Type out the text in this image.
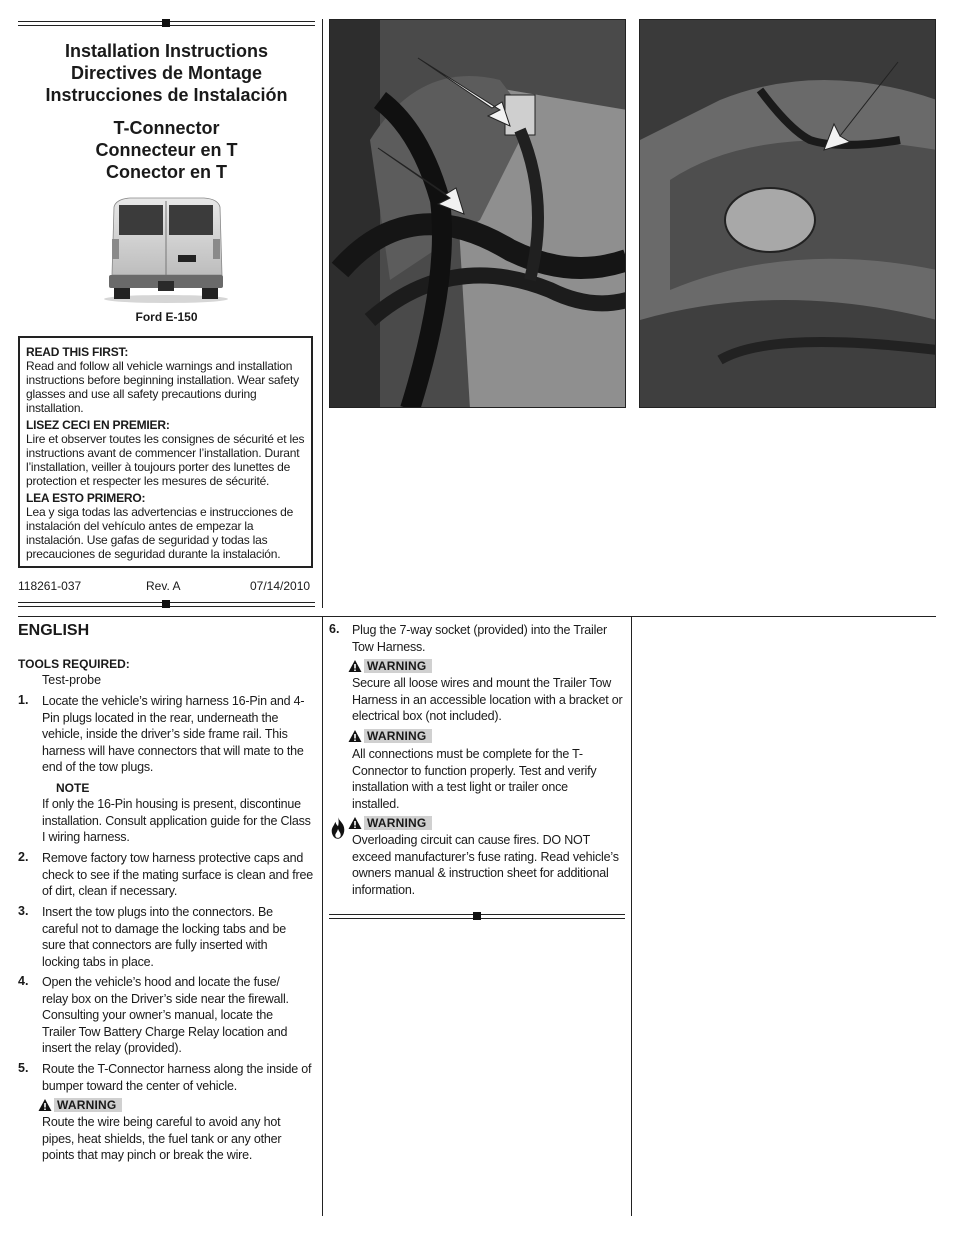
Installation Instructions
Directives de Montage
Instrucciones de Instalación
T-Connector
Connecteur en T
Conector en T
Ford E-150
READ THIS FIRST:

Read and follow all vehicle warnings and installation instructions before beginning installation. Wear safety glasses and use all safety precautions during installation.

LISEZ CECI EN PREMIER:

Lire et observer toutes les consignes de sécurité et les instructions avant de commencer l’installation. Durant l’installation, veiller à toujours porter des lunettes de protection et respecter les mesures de sécurité.

LEA ESTO PRIMERO:

Lea y siga todas las advertencias e instrucciones de instalación del vehículo antes de empezar la instalación. Use gafas de seguridad y todas las precauciones de seguridad durante la instalación.

118261-037	Rev. A	07/14/2010
ENGLISH
TOOLS REQUIRED:
Test-probe
1. Locate the vehicle’s wiring harness 16-Pin and 4-Pin plugs located in the rear, underneath the vehicle, inside the driver’s side frame rail. This harness will have connectors that will mate to the end of the tow plugs.
NOTE
If only the 16-Pin housing is present, discontinue installation. Consult application guide for the Class I wiring harness.
2. Remove factory tow harness protective caps and check to see if the mating surface is clean and free of dirt, clean if necessary.
3. Insert the tow plugs into the connectors. Be careful not to damage the locking tabs and be sure that connectors are fully inserted with locking tabs in place.
4. Open the vehicle’s hood and locate the fuse/ relay box on the Driver’s side near the firewall. Consulting your owner’s manual, locate the Trailer Tow Battery Charge Relay location and insert the relay (provided).
5. Route the T-Connector harness along the inside of bumper toward the center of vehicle.
WARNING
Route the wire being careful to avoid any hot pipes, heat shields, the fuel tank or any other points that may pinch or break the wire.
6. Plug the 7-way socket (provided) into the Trailer Tow Harness.
WARNING
Secure all loose wires and mount the Trailer Tow Harness in an accessible location with a bracket or electrical box (not included).
WARNING
All connections must be complete for the T-Connector to function properly. Test and verify installation with a test light or trailer once installed.
WARNING
Overloading circuit can cause fires. DO NOT exceed manufacturer’s fuse rating. Read vehicle’s owners manual & instruction sheet for additional information.
